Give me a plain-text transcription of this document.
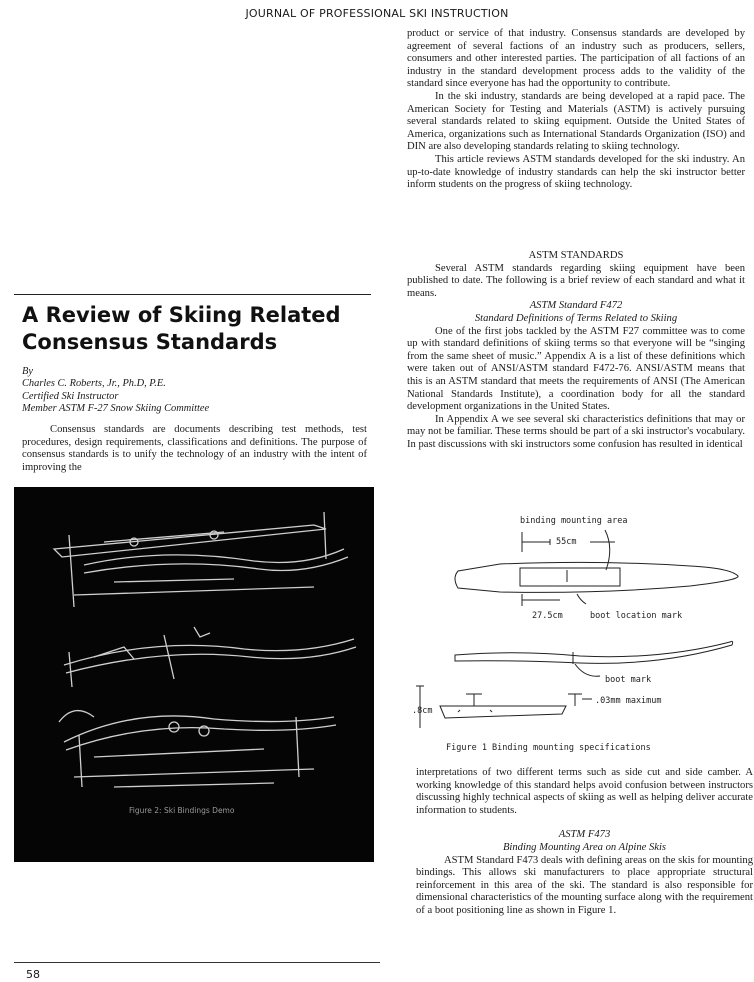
JOURNAL OF PROFESSIONAL SKI INSTRUCTION

product or service of that industry. Consensus standards are developed by agreement of several factions of an industry such as producers, sellers, consumers and other interested parties. The participation of all factions of an industry in the standard development process adds to the validity of the standard since everyone has had the opportunity to contribute.

In the ski industry, standards are being developed at a rapid pace. The American Society for Testing and Materials (ASTM) is actively pursuing several standards related to skiing equipment. Outside the United States of America, organizations such as International Standards Organization (ISO) and DIN are also developing standards relating to skiing technology.

This article reviews ASTM standards developed for the ski industry. An up-to-date knowledge of industry standards can help the ski instructor better inform students on the progress of skiing technology.

ASTM STANDARDS

Several ASTM standards regarding skiing equipment have been published to date. The following is a brief review of each standard and what it means.

ASTM Standard F472

Standard Definitions of Terms Related to Skiing

One of the first jobs tackled by the ASTM F27 committee was to come up with standard definitions of skiing terms so that everyone will be “singing from the same sheet of music.” Appendix A is a list of these definitions which were taken out of ANSI/ASTM standard F472-76. ANSI/ASTM means that this is an ASTM standard that meets the requirements of ANSI (The American National Standards Institute), a coordination body for all the standard development organizations in the United States.

In Appendix A we see several ski characteristics definitions that may or may not be familiar. These terms should be part of a ski instructor's vocabulary. In past discussions with ski instructors some confusion has resulted in identical

A Review of Skiing Related
Consensus Standards
By
Charles C. Roberts, Jr., Ph.D, P.E.
Certified Ski Instructor
Member ASTM F-27 Snow Skiing Committee

Consensus standards are documents describing test methods, test procedures, design requirements, classifications and definitions. The purpose of consensus standards is to unify the technology of an industry with the intent of improving the

Figure 2: Ski Bindings Demo
binding mounting area
55cm
27.5cm	boot location mark
boot mark
.03mm maximum
.8cm
Figure 1 Binding mounting specifications

interpretations of two different terms such as side cut and side camber. A working knowledge of this standard helps avoid confusion between instructors discussing highly technical aspects of skiing as well as helping deliver accurate information to students.

ASTM F473

Binding Mounting Area on Alpine Skis

ASTM Standard F473 deals with defining areas on the skis for mounting bindings. This allows ski manufacturers to place appropriate structural reinforcement in this area of the ski. The standard is also responsible for dimensional characteristics of the mounting surface along with the requirement of a boot positioning line as shown in Figure 1.

58
